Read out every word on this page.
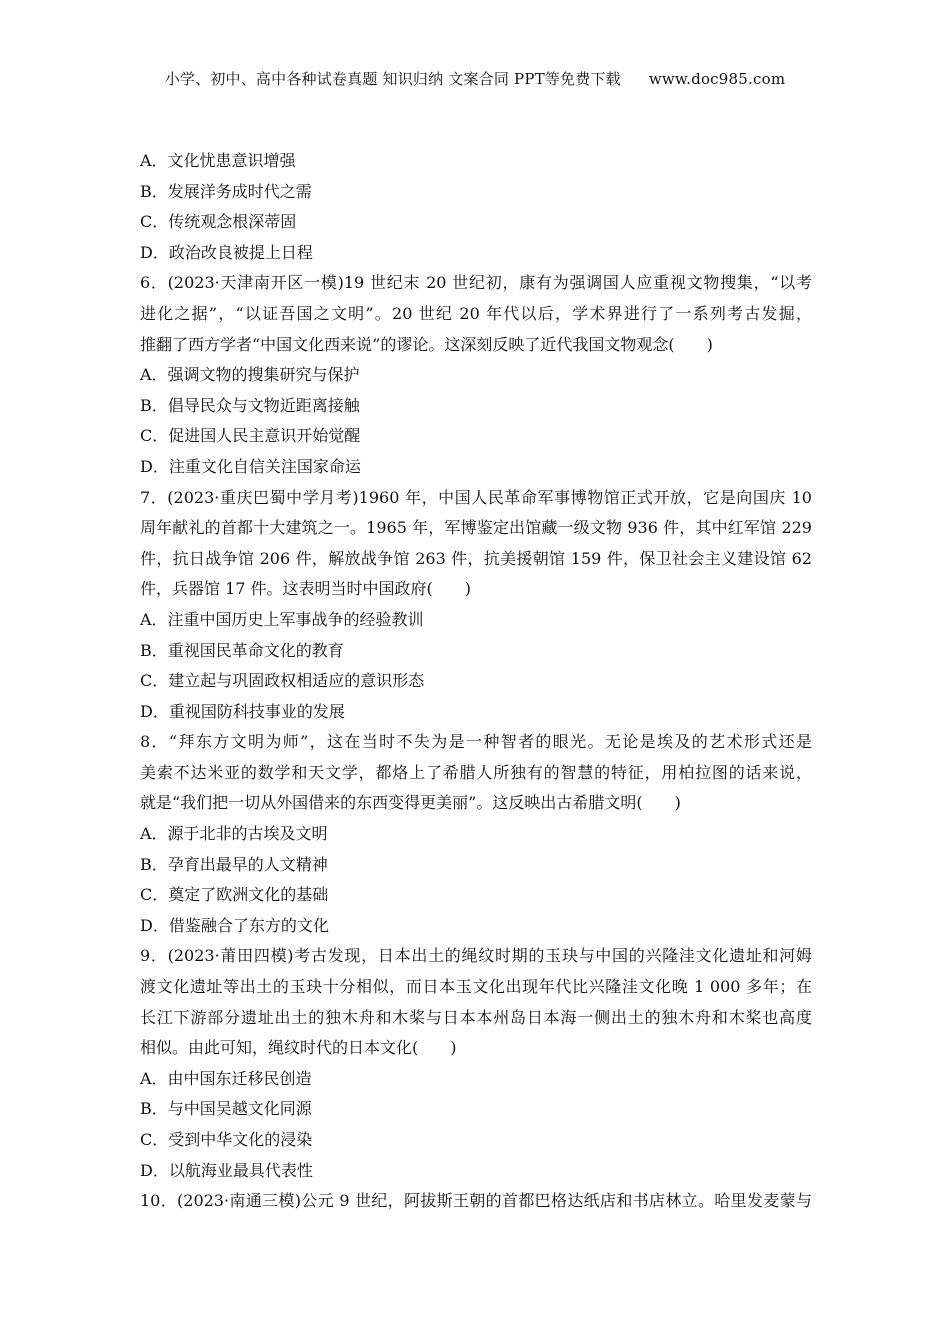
小学、初中、高中各种试卷真题 知识归纳 文案合同 PPT等免费下载 www.doc985.com
A．文化忧患意识增强
B．发展洋务成时代之需
C．传统观念根深蒂固
D．政治改良被提上日程
6．(2023·天津南开区一模)19 世纪末 20 世纪初，康有为强调国人应重视文物搜集，“以考
进化之据”，“以证吾国之文明”。20 世纪 20 年代以后，学术界进行了一系列考古发掘，
推翻了西方学者“中国文化西来说”的谬论。这深刻反映了近代我国文物观念(　　)
A．强调文物的搜集研究与保护
B．倡导民众与文物近距离接触
C．促进国人民主意识开始觉醒
D．注重文化自信关注国家命运
7．(2023·重庆巴蜀中学月考)1960 年，中国人民革命军事博物馆正式开放，它是向国庆 10
周年献礼的首都十大建筑之一。1965 年，军博鉴定出馆藏一级文物 936 件，其中红军馆 229
件，抗日战争馆 206 件，解放战争馆 263 件，抗美援朝馆 159 件，保卫社会主义建设馆 62
件，兵器馆 17 件。这表明当时中国政府(　　)
A．注重中国历史上军事战争的经验教训
B．重视国民革命文化的教育
C．建立起与巩固政权相适应的意识形态
D．重视国防科技事业的发展
8．“拜东方文明为师”，这在当时不失为是一种智者的眼光。无论是埃及的艺术形式还是
美索不达米亚的数学和天文学，都烙上了希腊人所独有的智慧的特征，用柏拉图的话来说，
就是“我们把一切从外国借来的东西变得更美丽”。这反映出古希腊文明(　　)
A．源于北非的古埃及文明
B．孕育出最早的人文精神
C．奠定了欧洲文化的基础
D．借鉴融合了东方的文化
9．(2023·莆田四模)考古发现，日本出土的绳纹时期的玉玦与中国的兴隆洼文化遗址和河姆
渡文化遗址等出土的玉玦十分相似，而日本玉文化出现年代比兴隆洼文化晚 1 000 多年；在
长江下游部分遗址出土的独木舟和木桨与日本本州岛日本海一侧出土的独木舟和木桨也高度
相似。由此可知，绳纹时代的日本文化(　　)
A．由中国东迁移民创造
B．与中国吴越文化同源
C．受到中华文化的浸染
D．以航海业最具代表性
10．(2023·南通三模)公元 9 世纪，阿拔斯王朝的首都巴格达纸店和书店林立。哈里发麦蒙与
